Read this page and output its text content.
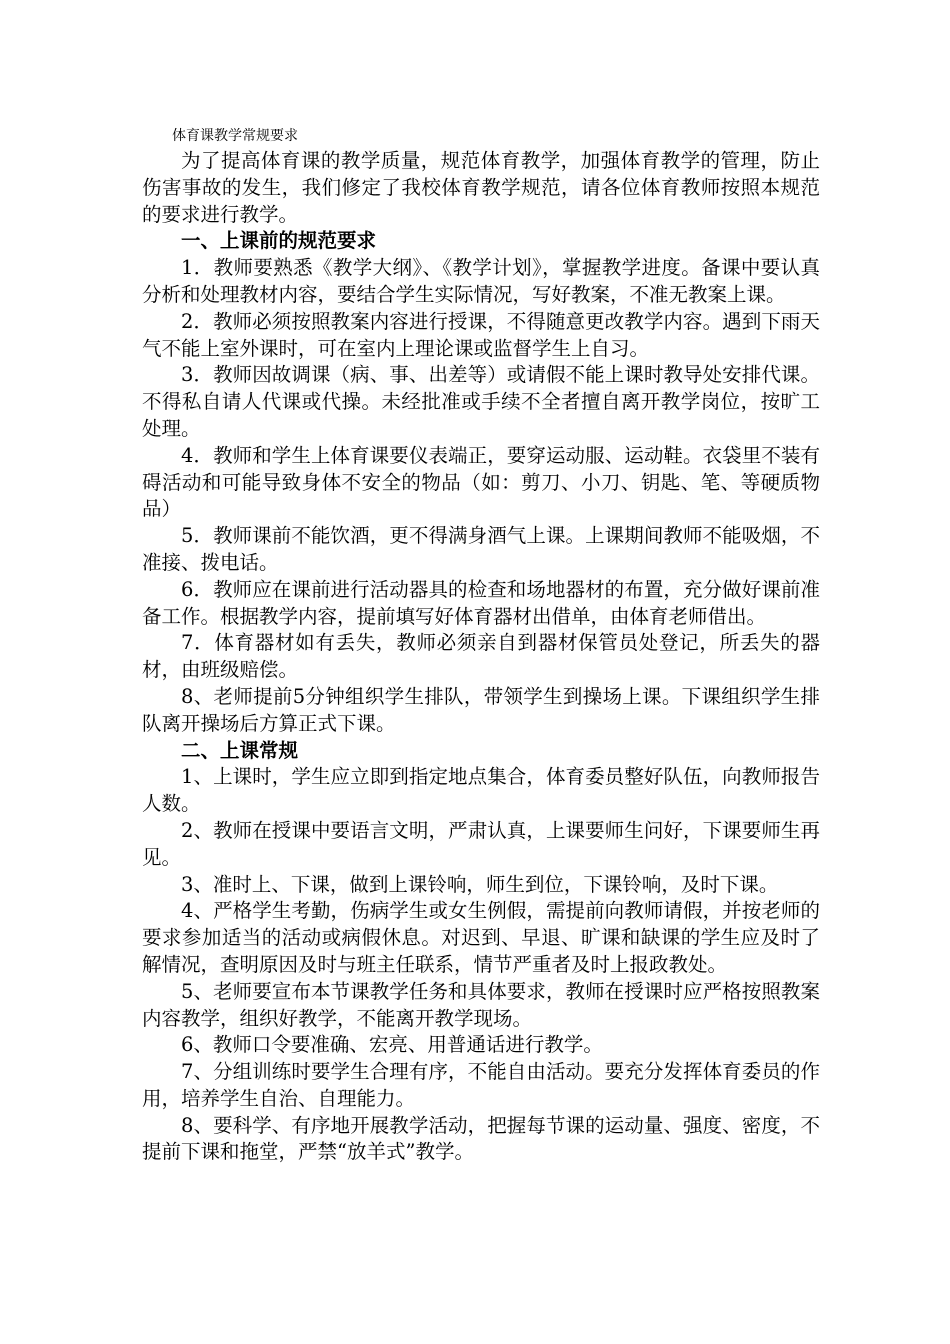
体育课教学常规要求

为了提高体育课的教学质量，规范体育教学，加强体育教学的管理，防止伤害事故的发生，我们修定了我校体育教学规范，请各位体育教师按照本规范的要求进行教学。

一、上课前的规范要求

1．教师要熟悉《教学大纲》、《教学计划》，掌握教学进度。备课中要认真分析和处理教材内容，要结合学生实际情况，写好教案，不准无教案上课。

2．教师必须按照教案内容进行授课，不得随意更改教学内容。遇到下雨天气不能上室外课时，可在室内上理论课或监督学生上自习。

3．教师因故调课（病、事、出差等）或请假不能上课时教导处安排代课。不得私自请人代课或代操。未经批准或手续不全者擅自离开教学岗位，按旷工处理。

4．教师和学生上体育课要仪表端正，要穿运动服、运动鞋。衣袋里不装有碍活动和可能导致身体不安全的物品（如：剪刀、小刀、钥匙、笔、等硬质物品）

5．教师课前不能饮酒，更不得满身酒气上课。上课期间教师不能吸烟，不准接、拨电话。

6．教师应在课前进行活动器具的检查和场地器材的布置，充分做好课前准备工作。根据教学内容，提前填写好体育器材出借单，由体育老师借出。

7．体育器材如有丢失，教师必须亲自到器材保管员处登记，所丢失的器材，由班级赔偿。

8、老师提前5分钟组织学生排队，带领学生到操场上课。下课组织学生排队离开操场后方算正式下课。

二、上课常规

1、上课时，学生应立即到指定地点集合，体育委员整好队伍，向教师报告人数。

2、教师在授课中要语言文明，严肃认真，上课要师生问好，下课要师生再见。

3、准时上、下课，做到上课铃响，师生到位，下课铃响，及时下课。

4、严格学生考勤，伤病学生或女生例假，需提前向教师请假，并按老师的要求参加适当的活动或病假休息。对迟到、早退、旷课和缺课的学生应及时了解情况，查明原因及时与班主任联系，情节严重者及时上报政教处。

5、老师要宣布本节课教学任务和具体要求，教师在授课时应严格按照教案内容教学，组织好教学，不能离开教学现场。

6、教师口令要准确、宏亮、用普通话进行教学。

7、分组训练时要学生合理有序，不能自由活动。要充分发挥体育委员的作用，培养学生自治、自理能力。

8、要科学、有序地开展教学活动，把握每节课的运动量、强度、密度，不提前下课和拖堂，严禁“放羊式”教学。
